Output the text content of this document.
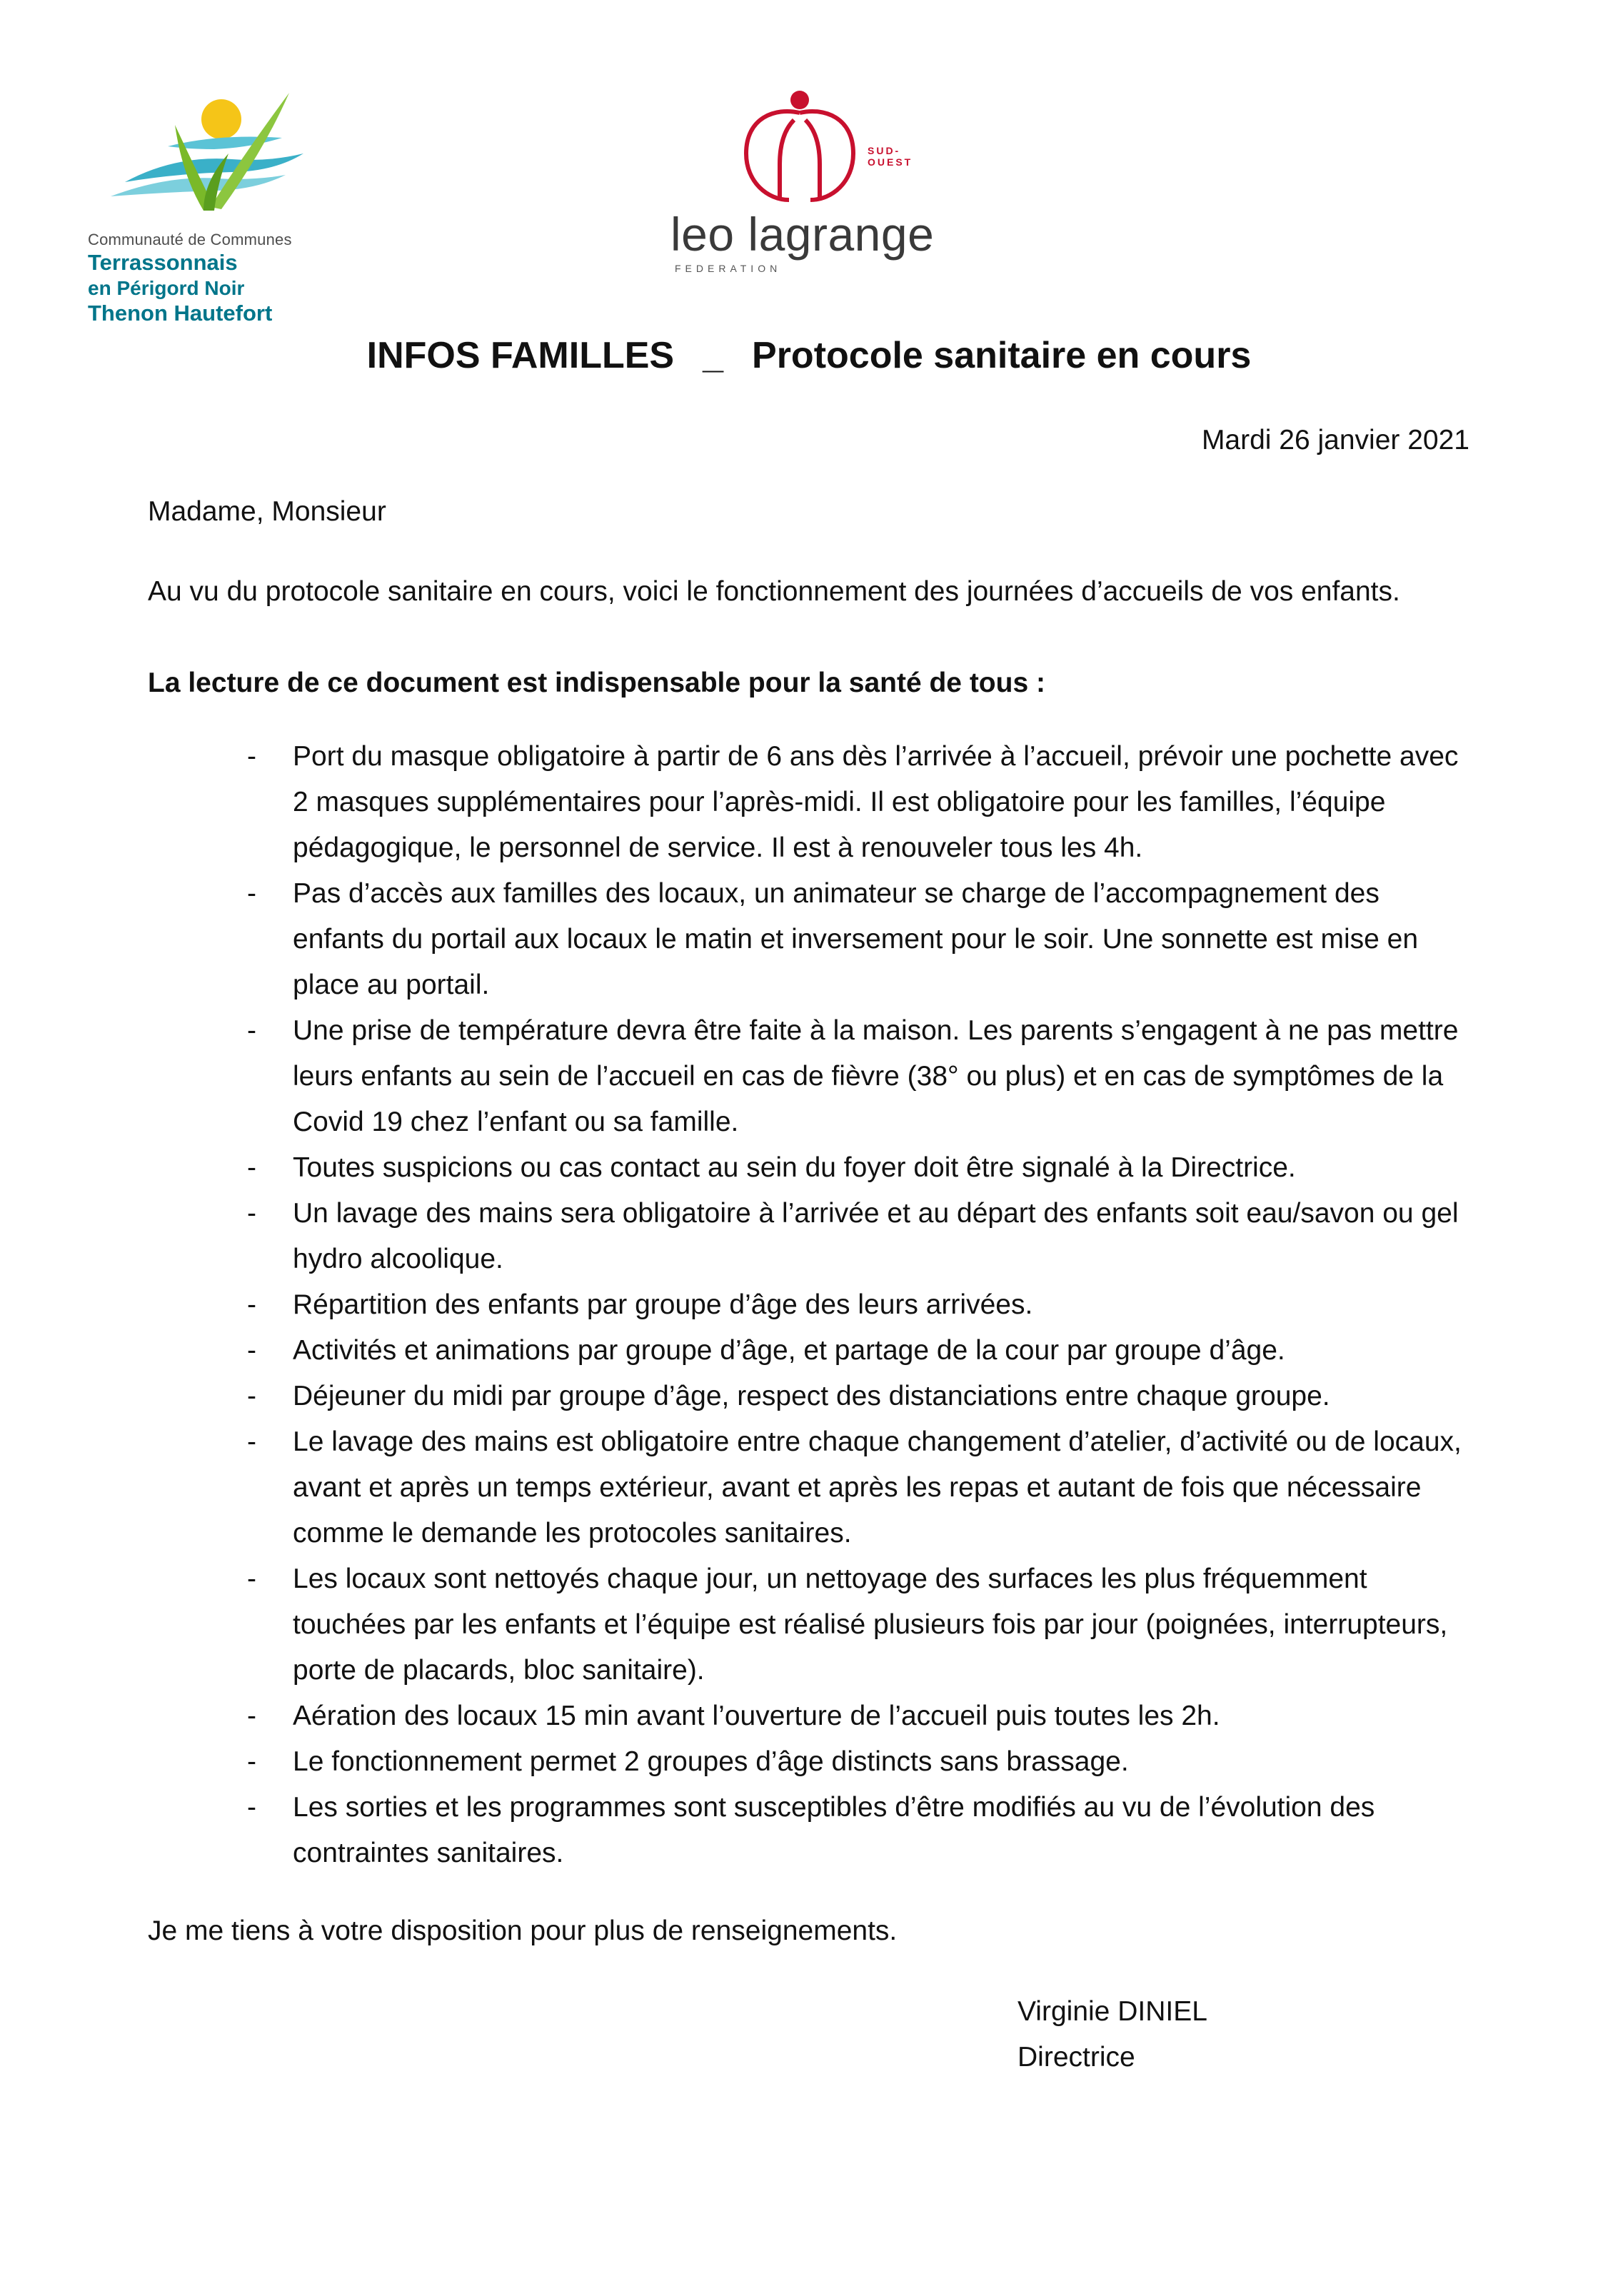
Communauté de Communes
Terrassonnais
en Périgord Noir
Thenon Hautefort
SUD-OUEST
leo lagrange
FEDERATION
INFOS FAMILLES _ Protocole sanitaire en cours
Mardi 26 janvier 2021
Madame, Monsieur
Au vu du protocole sanitaire en cours, voici le fonctionnement des journées d’accueils de vos enfants.
La lecture de ce document est indispensable pour la santé de tous :
- Port du masque obligatoire à partir de 6 ans dès l’arrivée à l’accueil, prévoir une pochette avec 2 masques supplémentaires pour l’après-midi. Il est obligatoire pour les familles, l’équipe pédagogique, le personnel de service. Il est à renouveler tous les 4h.
- Pas d’accès aux familles des locaux, un animateur se charge de l’accompagnement des enfants du portail aux locaux le matin et inversement pour le soir. Une sonnette est mise en place au portail.
- Une prise de température devra être faite à la maison. Les parents s’engagent à ne pas mettre leurs enfants au sein de l’accueil en cas de fièvre (38° ou plus) et en cas de symptômes de la Covid 19 chez l’enfant ou sa famille.
- Toutes suspicions ou cas contact au sein du foyer doit être signalé à la Directrice.
- Un lavage des mains sera obligatoire à l’arrivée et au départ des enfants soit eau/savon ou gel hydro alcoolique.
- Répartition des enfants par groupe d’âge des leurs arrivées.
- Activités et animations par groupe d’âge, et partage de la cour par groupe d’âge.
- Déjeuner du midi par groupe d’âge, respect des distanciations entre chaque groupe.
- Le lavage des mains est obligatoire entre chaque changement d’atelier, d’activité ou de locaux, avant et après un temps extérieur, avant et après les repas et autant de fois que nécessaire comme le demande les protocoles sanitaires.
- Les locaux sont nettoyés chaque jour, un nettoyage des surfaces les plus fréquemment touchées par les enfants et l’équipe est réalisé plusieurs fois par jour (poignées, interrupteurs, porte de placards, bloc sanitaire).
- Aération des locaux 15 min avant l’ouverture de l’accueil puis toutes les 2h.
- Le fonctionnement permet 2 groupes d’âge distincts sans brassage.
- Les sorties et les programmes sont susceptibles d’être modifiés au vu de l’évolution des contraintes sanitaires.
Je me tiens à votre disposition pour plus de renseignements.
Virginie DINIEL
Directrice
